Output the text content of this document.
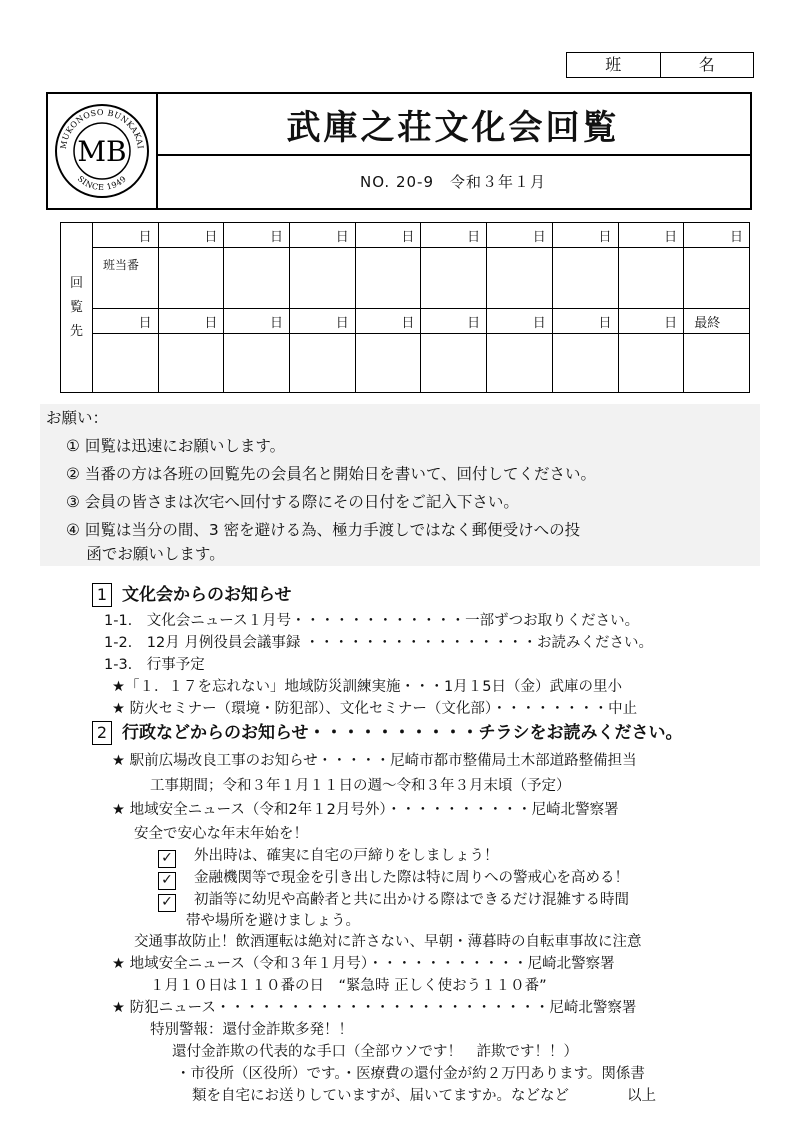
班	名
MUKONOSO BUNKAKAI
SINCE 1949
MB
武庫之荘文化会回覧
NO. 20-9　令和３年１月
回
覧
先	日	日	日	日	日	日	日	日	日	日
	班当番									
	日	日	日	日	日	日	日	日	日	最終

お願い：
① 回覧は迅速にお願いします。
② 当番の方は各班の回覧先の会員名と開始日を書いて、回付してください。
③ 会員の皆さまは次宅へ回付する際にその日付をご記入下さい。
④ 回覧は当分の間、3 密を避ける為、極力手渡しではなく郵便受けへの投
　 函でお願いします。
1 文化会からのお知らせ
1-1.　文化会ニュース１月号・・・・・・・・・・・・一部ずつお取りください。
1-2.　12月 月例役員会議事録 ・・・・・・・・・・・・・・・・お読みください。
1-3.　行事予定
★「１．１７を忘れない」地域防災訓練実施・・・1月１5日（金）武庫の里小
★ 防火セミナー（環境・防犯部）、文化セミナー（文化部）・・・・・・・・中止
2 行政などからのお知らせ・・・・・・・・・・チラシをお読みください。
★ 駅前広場改良工事のお知らせ・・・・・尼崎市都市整備局土木部道路整備担当
工事期間；令和３年１月１１日の週～令和３年３月末頃（予定）
★ 地域安全ニュース（令和2年１2月号外）・・・・・・・・・・尼崎北警察署
安全で安心な年末年始を！
✓ 外出時は、確実に自宅の戸締りをしましょう！
✓ 金融機関等で現金を引き出した際は特に周りへの警戒心を高める！
✓ 初詣等に幼児や高齢者と共に出かける際はできるだけ混雑する時間
帯や場所を避けましょう。
交通事故防止！飲酒運転は絶対に許さない、早朝・薄暮時の自転車事故に注意
★ 地域安全ニュース（令和３年１月号）・・・・・・・・・・・尼崎北警察署
１月１０日は１１０番の日　“緊急時 正しく使おう１１０番”
★ 防犯ニュース・・・・・・・・・・・・・・・・・・・・・・・尼崎北警察署
特別警報：還付金詐欺多発！！
還付金詐欺の代表的な手口（全部ウソです！　詐欺です！！）
・市役所（区役所）です。・医療費の還付金が約２万円あります。関係書
類を自宅にお送りしていますが、届いてますか。などなど　　　　以上
